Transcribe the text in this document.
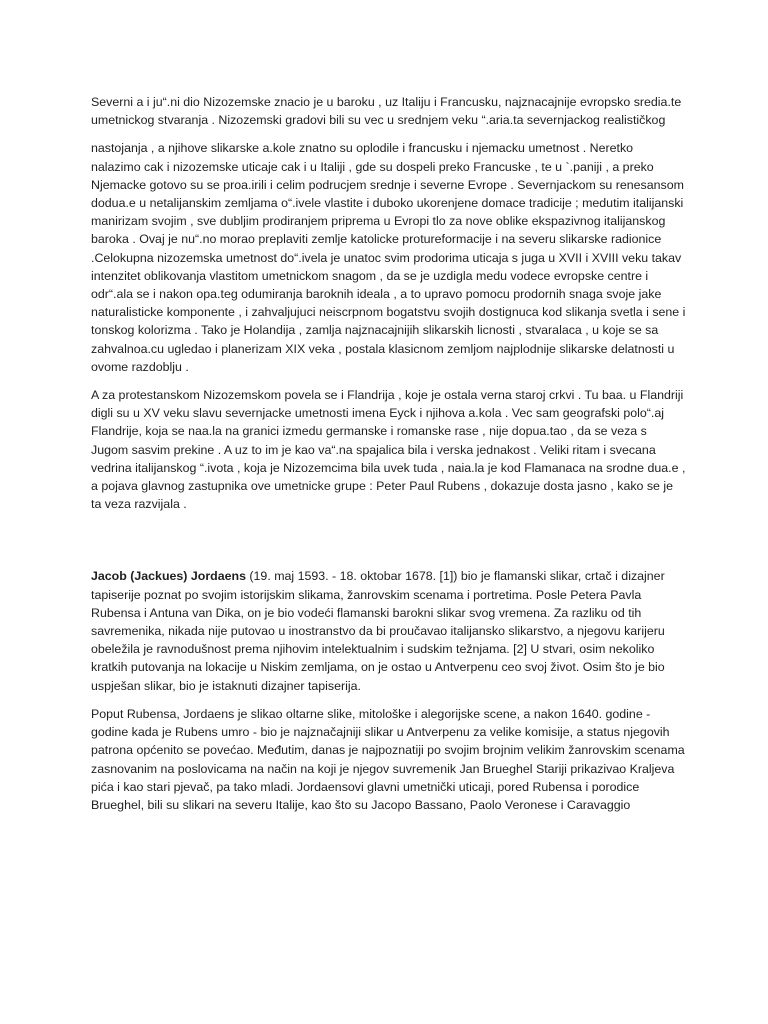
Severni a i ju“.ni dio Nizozemske znacio je u baroku , uz Italiju i Francusku, najznacajnije evropsko sredia.te umetnickog stvaranja . Nizozemski gradovi bili su vec u srednjem veku “.aria.ta severnjackog realističkog

nastojanja , a njihove slikarske a.kole znatno su oplodile i francusku i njemacku umetnost . Neretko nalazimo cak i nizozemske uticaje cak i u Italiji , gde su dospeli preko Francuske , te u `.paniji , a preko Njemacke gotovo su se proa.irili i celim podrucjem srednje i severne Evrope . Severnjackom su renesansom dodua.e u netalijanskim zemljama o“.ivele vlastite i duboko ukorenjene domace tradicije ; medutim italijanski manirizam svojim , sve dubljim prodiranjem priprema u Evropi tlo za nove oblike ekspazivnog italijanskog baroka . Ovaj je nu“.no morao preplaviti zemlje katolicke protureformacije i na severu slikarske radionice .Celokupna nizozemska umetnost do“.ivela je unatoc svim prodorima uticaja s juga u XVII i XVIII veku takav intenzitet oblikovanja vlastitom umetnickom snagom , da se je uzdigla medu vodece evropske centre i odr“.ala se i nakon opa.teg odumiranja baroknih ideala , a to upravo pomocu prodornih snaga svoje jake naturalisticke komponente , i zahvaljujuci neiscrpnom bogatstvu svojih dostignuca kod slikanja svetla i sene i tonskog kolorizma . Tako je Holandija , zamlja najznacajnijih slikarskih licnosti , stvaralaca , u koje se sa zahvalnoa.cu ugledao i planerizam XIX veka , postala klasicnom zemljom najplodnije slikarske delatnosti u ovome razdoblju .

A za protestanskom Nizozemskom povela se i Flandrija , koje je ostala verna staroj crkvi . Tu baa. u Flandriji digli su u XV veku slavu severnjacke umetnosti imena Eyck i njihova a.kola . Vec sam geografski polo“.aj Flandrije, koja se naa.la na granici izmedu germanske i romanske rase , nije dopua.tao , da se veza s Jugom sasvim prekine . A uz to im je kao va“.na spajalica bila i verska jednakost . Veliki ritam i svecana vedrina italijanskog “.ivota , koja je Nizozemcima bila uvek tuda , naia.la je kod Flamanaca na srodne dua.e , a pojava glavnog zastupnika ove umetnicke grupe : Peter Paul Rubens , dokazuje dosta jasno , kako se je ta veza razvijala .

Jacob (Jackues) Jordaens (19. maj 1593. - 18. oktobar 1678. [1]) bio je flamanski slikar, crtač i dizajner tapiserije poznat po svojim istorijskim slikama, žanrovskim scenama i portretima. Posle Petera Pavla Rubensa i Antuna van Dika, on je bio vodeći flamanski barokni slikar svog vremena. Za razliku od tih savremenika, nikada nije putovao u inostranstvo da bi proučavao italijansko slikarstvo, a njegovu karijeru obeležila je ravnodušnost prema njihovim intelektualnim i sudskim težnjama. [2] U stvari, osim nekoliko kratkih putovanja na lokacije u Niskim zemljama, on je ostao u Antverpenu ceo svoj život. Osim što je bio uspješan slikar, bio je istaknuti dizajner tapiserija.

Poput Rubensa, Jordaens je slikao oltarne slike, mitološke i alegorijske scene, a nakon 1640. godine - godine kada je Rubens umro - bio je najznačajniji slikar u Antverpenu za velike komisije, a status njegovih patrona općenito se povećao. Međutim, danas je najpoznatiji po svojim brojnim velikim žanrovskim scenama zasnovanim na poslovicama na način na koji je njegov suvremenik Jan Brueghel Stariji prikazivao Kraljeva pića i kao stari pjevač, pa tako mladi. Jordaensovi glavni umetnički uticaji, pored Rubensa i porodice Brueghel, bili su slikari na severu Italije, kao što su Jacopo Bassano, Paolo Veronese i Caravaggio
